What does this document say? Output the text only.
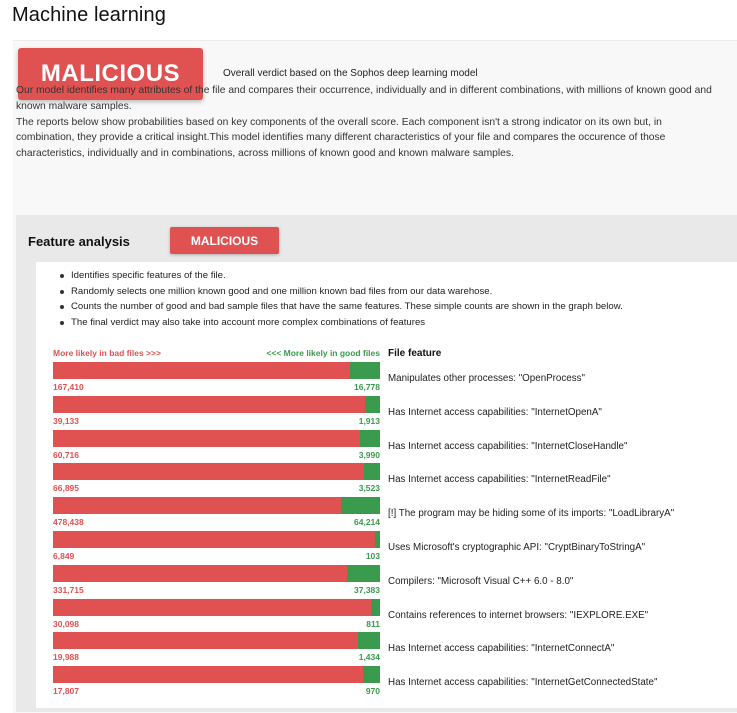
Machine learning
MALICIOUS	Overall verdict based on the Sophos deep learning model

Our model identifies many attributes of the file and compares their occurrence, individually and in different combinations, with millions of known good and known malware samples.

The reports below show probabilities based on key components of the overall score. Each component isn't a strong indicator on its own but, in combination, they provide a critical insight.This model identifies many different characteristics of your file and compares the occurence of those characteristics, individually and in combinations, across millions of known good and known malware samples.

Feature analysis	MALICIOUS
Identifies specific features of the file.
Randomly selects one million known good and one million known bad files from our data warehose.
Counts the number of good and bad sample files that have the same features. These simple counts are shown in the graph below.
The final verdict may also take into account more complex combinations of features
More likely in bad files >>>	<<< More likely in good files File feature
167,410	16,778
Manipulates other processes: "OpenProcess"
39,133	1,913
Has Internet access capabilities: "InternetOpenA"
60,716	3,990
Has Internet access capabilities: "InternetCloseHandle"
66,895	3,523
Has Internet access capabilities: "InternetReadFile"
478,438	64,214
[!] The program may be hiding some of its imports: "LoadLibraryA"
6,849	103
Uses Microsoft's cryptographic API: "CryptBinaryToStringA"
331,715	37,383
Compilers: "Microsoft Visual C++ 6.0 - 8.0"
30,098	811
Contains references to internet browsers: "IEXPLORE.EXE"
19,988	1,434
Has Internet access capabilities: "InternetConnectA"
17,807	970
Has Internet access capabilities: "InternetGetConnectedState"
